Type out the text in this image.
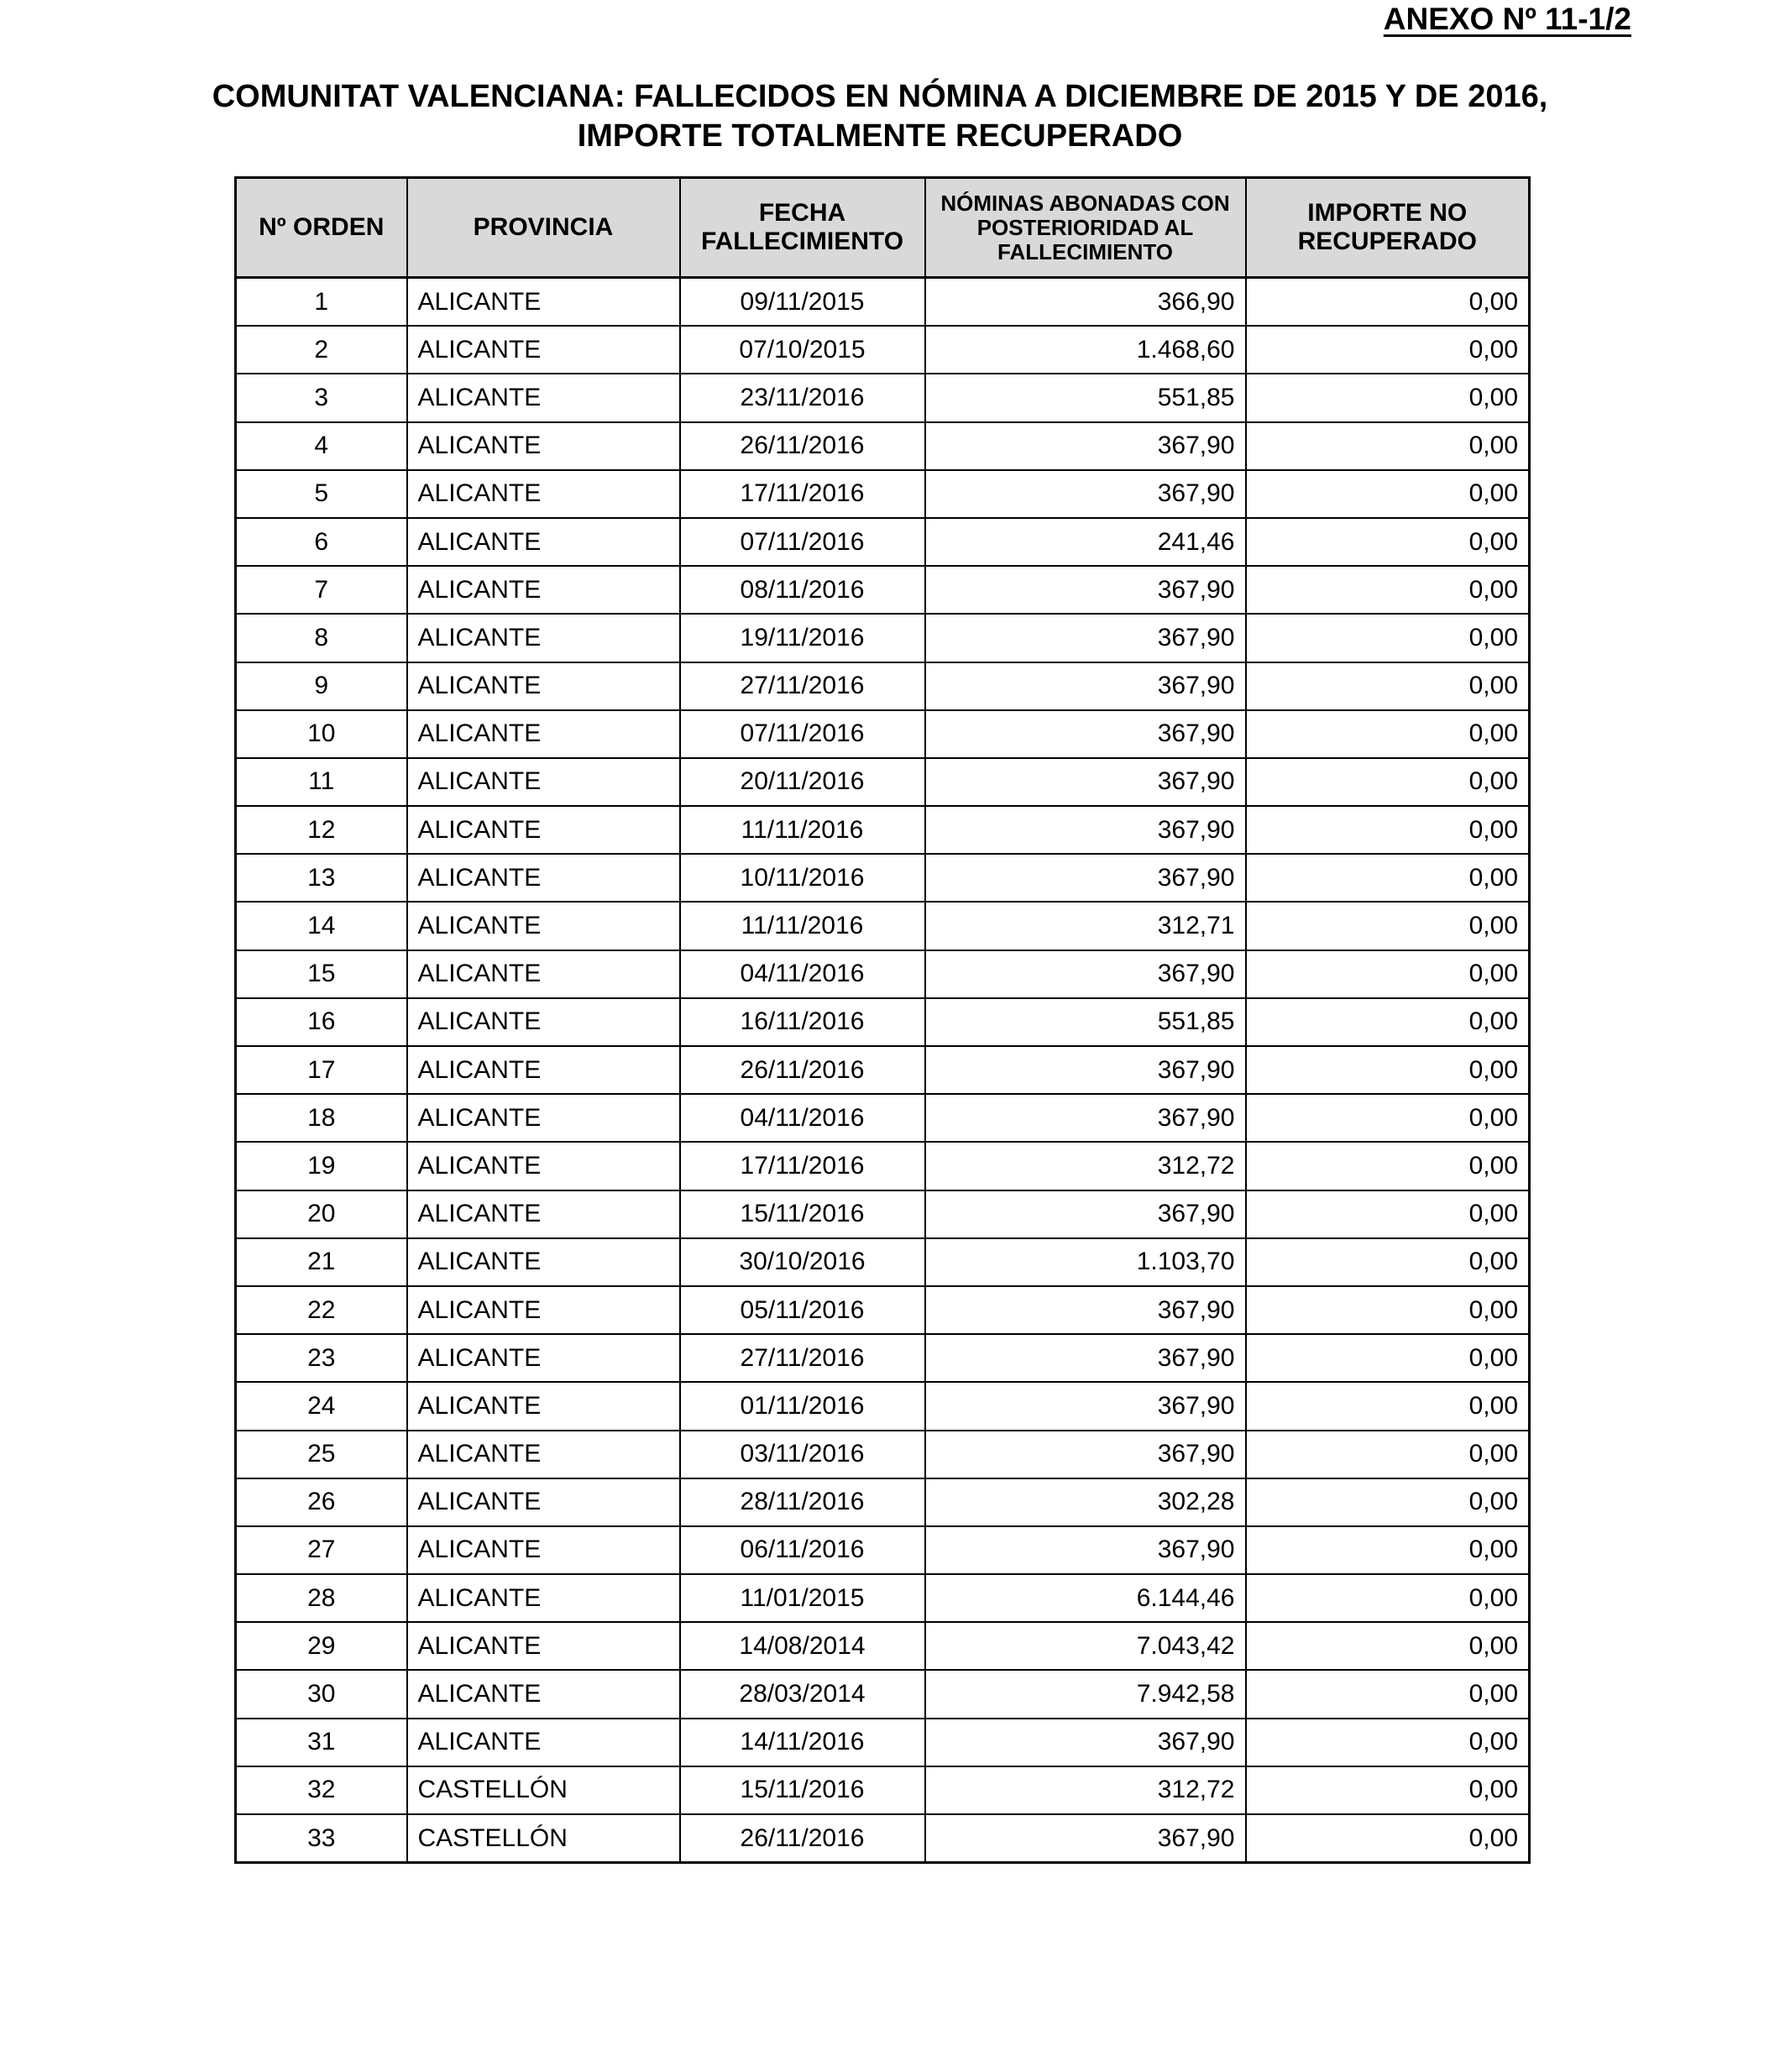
ANEXO Nº 11-1/2
COMUNITAT VALENCIANA: FALLECIDOS EN NÓMINA A DICIEMBRE DE 2015 Y DE 2016,
IMPORTE TOTALMENTE RECUPERADO
Nº ORDEN	PROVINCIA	FECHA FALLECIMIENTO	NÓMINAS ABONADAS CON POSTERIORIDAD AL FALLECIMIENTO	IMPORTE NO RECUPERADO
1	ALICANTE	09/11/2015	366,90	0,00
2	ALICANTE	07/10/2015	1.468,60	0,00
3	ALICANTE	23/11/2016	551,85	0,00
4	ALICANTE	26/11/2016	367,90	0,00
5	ALICANTE	17/11/2016	367,90	0,00
6	ALICANTE	07/11/2016	241,46	0,00
7	ALICANTE	08/11/2016	367,90	0,00
8	ALICANTE	19/11/2016	367,90	0,00
9	ALICANTE	27/11/2016	367,90	0,00
10	ALICANTE	07/11/2016	367,90	0,00
11	ALICANTE	20/11/2016	367,90	0,00
12	ALICANTE	11/11/2016	367,90	0,00
13	ALICANTE	10/11/2016	367,90	0,00
14	ALICANTE	11/11/2016	312,71	0,00
15	ALICANTE	04/11/2016	367,90	0,00
16	ALICANTE	16/11/2016	551,85	0,00
17	ALICANTE	26/11/2016	367,90	0,00
18	ALICANTE	04/11/2016	367,90	0,00
19	ALICANTE	17/11/2016	312,72	0,00
20	ALICANTE	15/11/2016	367,90	0,00
21	ALICANTE	30/10/2016	1.103,70	0,00
22	ALICANTE	05/11/2016	367,90	0,00
23	ALICANTE	27/11/2016	367,90	0,00
24	ALICANTE	01/11/2016	367,90	0,00
25	ALICANTE	03/11/2016	367,90	0,00
26	ALICANTE	28/11/2016	302,28	0,00
27	ALICANTE	06/11/2016	367,90	0,00
28	ALICANTE	11/01/2015	6.144,46	0,00
29	ALICANTE	14/08/2014	7.043,42	0,00
30	ALICANTE	28/03/2014	7.942,58	0,00
31	ALICANTE	14/11/2016	367,90	0,00
32	CASTELLÓN	15/11/2016	312,72	0,00
33	CASTELLÓN	26/11/2016	367,90	0,00
